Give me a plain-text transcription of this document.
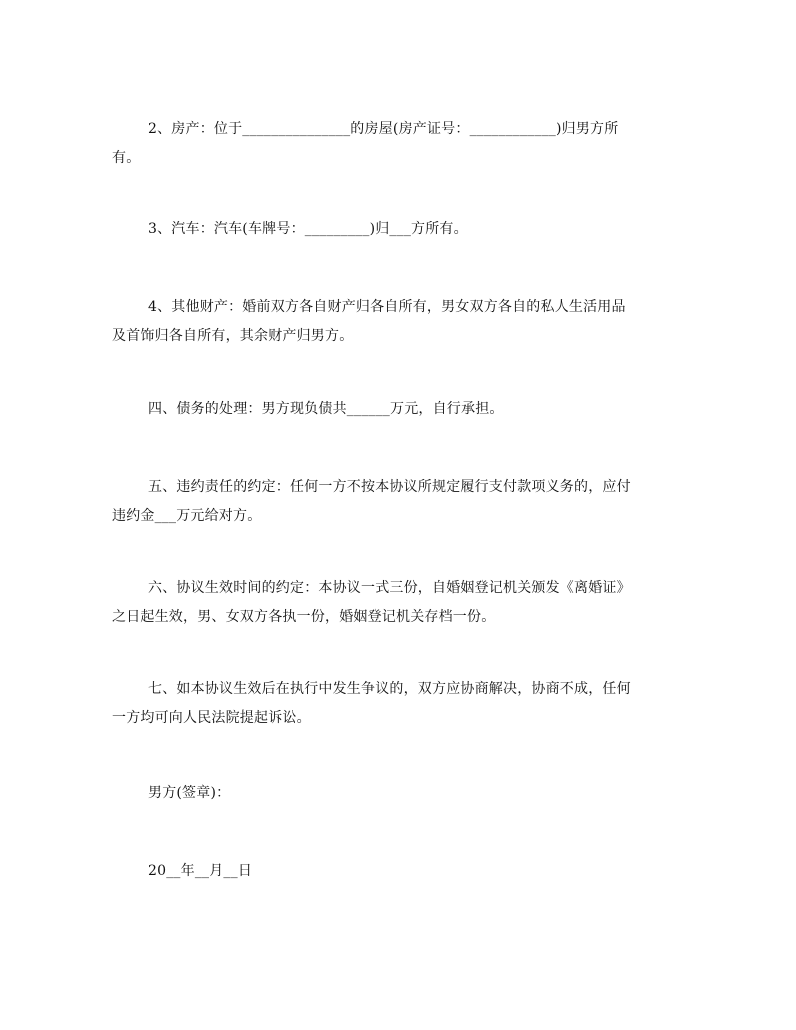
2、房产：位于_______________的房屋(房产证号：____________)归男方所
有。
3、汽车：汽车(车牌号：_________)归___方所有。
4、其他财产：婚前双方各自财产归各自所有，男女双方各自的私人生活用品
及首饰归各自所有，其余财产归男方。
四、债务的处理：男方现负债共______万元，自行承担。
五、违约责任的约定：任何一方不按本协议所规定履行支付款项义务的，应付
违约金___万元给对方。
六、协议生效时间的约定：本协议一式三份，自婚姻登记机关颁发《离婚证》
之日起生效，男、女双方各执一份，婚姻登记机关存档一份。
七、如本协议生效后在执行中发生争议的，双方应协商解决，协商不成，任何
一方均可向人民法院提起诉讼。
男方(签章)：
20__年__月__日
